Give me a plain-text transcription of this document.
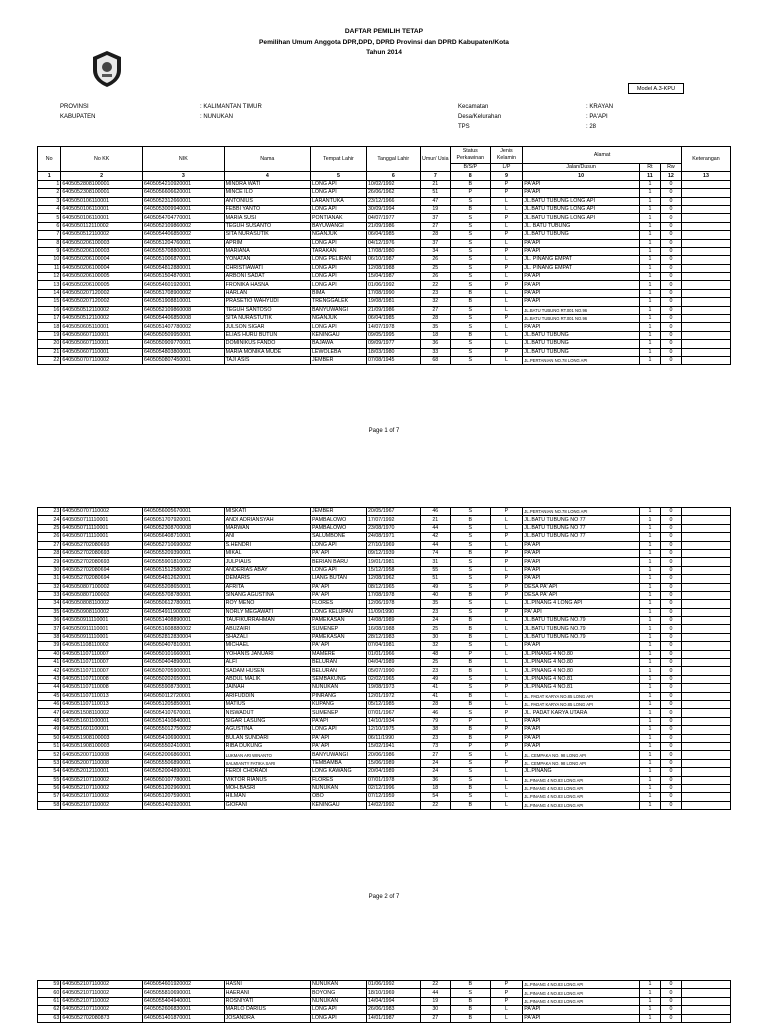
DAFTAR PEMILIH TETAP
Pemilihan Umum Anggota DPR,DPD, DPRD Provinsi dan DPRD Kabupaten/Kota
Tahun 2014
Model A.3-KPU
PROVINSI	: KALIMANTAN TIMUR
KABUPATEN	: NUNUKAN
Kecamatan	: KRAYAN
Desa/Kelurahan	: PA'API
TPS	: 28
No	No KK	NIK	Nama	Tempat Lahir	Tanggal Lahir	Umur/ Usia	Status Perkawinan	Jenis Kelamin	Alamat			Keterangan
							B/S/P	L/P	Jalan/Dusun	Rt	Rw	
1	2	3	4	5	6	7	8	9	10	11	12	13
1	6405052808100001	6405054210920001	MINDRA WATI	LONG API	10/02/1992	21	B	P	PA'API	1	0	
2	6405052308100001	6405056606620001	MINCE ILO	LONG API	26/06/1962	51	P	P	PA'API	1	0	
3	6405050106110001	6405052312660001	ANTONIUS	LARANTUKA	23/12/1966	47	S	L	JL.BATU TUBUNG LONG API	1	0	
4	6405050106110001	6405053009940001	FEBBI YANTO	LONG API	30/09/1994	19	B	L	JL.BATU TUBUNG LONG API	1	0	
5	6405050106110001	6405054704770001	MARIA SUSI	PONTIANAK	04/07/1977	37	S	P	JL.BATU TUBUNG LONG API	1	0	
6	6405050112110002	6405052109860002	TEGUH SUSANTO	BAYUWANGI	21/09/1986	27	S	L	JL. BATU TUBUNG	1	0	
7	6405050512110002	6405054406850002	SITA NURASUTIK	NGANJUK	06/04/1985	28	S	P	JL.BATU TUBUNG	1	0	
8	6405050206100003	6405051204760001	APRIM	LONG API	04/12/1976	37	S	L	PA'API	1	0	
9	6405050206100003	6405055708800001	MARIANA	TARAKAN	17/08/1980	34	S	P	PA'API	1	0	
10	6405050206100004	6405051006870001	YONATAN	LONG PELIRAN	06/10/1987	26	S	L	JL. PINANG EMPAT	1	0	
11	6405050206100004	6405054812880001	CHRISTIAWATI	LONG API	12/08/1988	25	S	P	JL. PINANG EMPAT	1	0	
12	6405050206100005	6405051504870001	ARBONI SADAT	LONG API	15/04/1987	26	S	L	PA'API	1	0	
13	6405050206100005	6405054601920001	FRONIKA HASNA	LONG API	01/06/1992	22	S	P	PA'API	1	0	
14	6405050207120002	6405051708900002	HARLAN	BIMA	17/08/1990	23	B	L	PA'API	1	0	
15	6405050207120002	6405051908810001	PRASETIO WAHYUDI	TRENGGALEK	19/08/1981	32	B	L	PA'API	1	0	
16	6405050512110002	6405052109860008	TEGUH SANTOSO	BANYUWANGI	21/09/1986	27	S	L	JL.BATU TUBUNG RT.001 NO.96	1	0	
17	6405050512110002	6405054406850008	SITA NURASTUTIK	NGANJUK	06/04/1985	28	S	P	JL.BATU TUBUNG RT.001 NO.96	1	0	
18	6405050605110001	6405051407780002	JULSON SIGAR	LONG API	14/07/1978	35	S	L	PA'API	1	0	
19	6405050607110001	6405050509950001	ELIAS HURU BUTUN	KENINGAU	09/05/1995	18	B	L	JL.BATU TUBUNG	1	0	
20	6405050607110001	6405050909770001	DOMINIKUS FANDO	BAJAWA	09/09/1977	36	S	L	JL.BATU TUBUNG	1	0	
21	6405050607110001	6405054803800001	MARIA MONIKA MUDE	LEWOLEBA	18/03/1980	33	S	P	JL.BATU TUBUNG	1	0	
22	6405050707110002	6405050807450001	TAJI ASIS	JEMBER	07/08/1945	68	S	L	JL.PERTANIAN NO.78 LONG API	1	0	
Page 1 of 7
23	6405050707110002	6405056005670001	MISKATI	JEMBER	20/05/1967	46	S	P	JL.PERTANIAN NO.78 LONG API	1	0	
24	6405050711110001	6405051707920001	ANDI ADRIANSYAH	PAMBALOWO	17/07/1992	21	B	L	JL.BATU TUBUNG NO 77	1	0	
25	6405050711110001	6405052308700008	MARWAN	PAMBALOWO	23/08/1970	44	S	L	JL.BATU TUBUNG NO 77	1	0	
26	6405050711110001	6405056408710001	ANI	SALUMBONE	24/08/1971	42	S	P	JL.BATU TUBUNG NO 77	1	0	
27	6405052702080693	6405052710690002	S.HENDRI	LONG API	27/10/1969	44	S	L	PA'API	1	0	
28	6405052702080693	6405055209390001	MIKAL	PA' API	09/12/1939	74	B	P	PA'API	1	0	
29	6405052702080693	6405055901810002	JULPIAUS	BERIAN BARU	19/01/1981	31	S	P	PA'API	1	0	
30	6405052702080694	6405051512580002	ANDERIAS ABAY	LONG API	15/12/1958	55	S	L	PA'API	1	0	
31	6405052702080694	6405054812620001	DEMARIS	LIANG BUTAN	12/08/1962	51	S	P	PA'API	1	0	
32	6405050807100002	6405055208650001	AFRITA	PA' API	08/12/1965	49	S	P	DESA PA' API	1	0	
33	6405050807100002	6405055708780001	SINANG AGUSTINA	PA' API	17/08/1978	40	B	P	DESA PA' API	1	0	
34	6405050808110002	6405050612780001	ROY MENO	FLORES	12/06/1978	35	S	L	JL.PINANG 4 LONG API	1	0	
35	6405050908110002	6405054911900002	NORLY MEGAWATI	LONG KELUPAN	11/09/1990	23	S	P	PA' API	1	0	
36	6405050911110001	6405051408890001	TAUFIKURRAHMAN	PAMEKASAN	14/08/1989	24	B	L	JL.BATU TUBUNG NO.79	1	0	
37	6405050911110001	6405051608880002	ABUZAIRI	SUMENEP	16/08/1988	25	B	L	JL.BATU TUBUNG NO.79	1	0	
38	6405050911110001	6405052812830004	SHAZALI	PAMEKASAN	28/12/1983	30	B	L	JL.BATU TUBUNG NO.79	1	0	
39	6405051108110002	6405050407810001	MICHAEL	PA' API	07/04/1981	32	S	L	PA'API	1	0	
40	6405051107110007	6405050101660001	YOHANIS JANUARI	MAMERE	01/01/1966	48	P	L	JL.PINANG 4 NO.80	1	0	
41	6405051107110007	6405050404890001	ALFI	BELURAN	04/04/1989	25	B	L	JL.PINANG 4 NO.80	1	0	
42	6405051107110007	6405050705900001	SADAM HUSEN	BELURAN	05/07/1990	23	B	L	JL.PINANG 4 NO.80	1	0	
43	6405051107110008	6405050202650001	ABDUL MALIK	SEMBAKUNG	02/02/1965	49	S	L	JL.PINANG 4 NO.81	1	0	
44	6405051107110008	6405055908730001	JAINAH	NUNUKAN	19/08/1973	41	S	P	JL.PINANG 4 NO.81	1	0	
45	6405051107110013	6405050112720001	ARIFUDDIN	PINRANG	12/01/1972	41	B	L	JL. PADAT KARYA NO.85 LONG API	1	0	
46	6405051107110013	6405051205850001	MATIUS	KUPANG	05/12/1985	28	B	L	JL. PADAT KARYA NO.85 LONG API	1	0	
47	6405051508110002	6405054107670001	NISWADUT	SUMENEP	07/01/1967	46	S	P	JL. PADAT KARYA UTARA	1	0	
48	6405051601100001	6405051410840001	SIGAR LASUNG	PA'API	14/10/1934	79	P	L	PA'API	1	0	
49	6405051601100001	6405055012750002	AGUSTINA	LONG API	12/10/1975	38	B	P	PA'API	1	0	
50	6405051908100003	6405054106900001	BULAN SUNDARI	PA' API	06/11/1990	23	B	P	PA'API	1	0	
51	6405051908100003	6405055502410001	RIBA DUKUNG	PA' API	15/02/1941	73	P	P	PA'API	1	0	
52	6405052007110008	6405052006860001	LUKMAN ARI WINANTO	BANYUWANGI	20/06/1986	27	S	L	JL. CEMPAKA NO. 98 LONG API	1	0	
53	6405052007110008	6405055506890001	SALMIANTY FATIKA SARI	TEMBAMBA	15/06/1989	24	S	P	JL. CEMPAKA NO. 98 LONG API	1	0	
54	6405052012110001	6405052004890001	FERDI CHORADI	LONG KAWANG	20/04/1989	24	S	L	JL.PINANG	1	0	
55	6405052107110002	6405050107780001	VIKTOR RIANUS	FLORES	07/01/1978	36	S	L	JL.PINANG 4 NO.83 LONG API	1	0	
56	6405052107110002	6405051202960001	MOH.BASRI	NUNUKAN	02/12/1996	18	B	L	JL.PINANG 4 NO.83 LONG API	1	0	
57	6405052107110002	6405051207590001	HILMAN	OBO	07/12/1959	54	S	L	JL.PINANG 4 NO.83 LONG API	1	0	
58	6405052107110002	6405051402920001	GIOFANI	KENINGAU	14/02/1992	22	B	L	JL.PINANG 4 NO.83 LONG API	1	0	
Page 2 of 7
59	6405052107110002	6405054601920002	HASNI	NUNUKAN	01/06/1992	22	B	P	JL.PINANG 4 NO.83 LONG API	1	0	
60	6405052107110002	6405055810690001	HAERANI	BOYONG	18/10/1969	44	S	P	JL.PINANG 4 NO.83 LONG API	1	0	
61	6405052107110002	6405055404940001	ROSNIYATI	NUNUKAN	14/04/1994	19	B	P	JL.PINANG 4 NO.83 LONG API	1	0	
62	6405052107110002	6405052606830001	MARLO DARIUS	LONG API	26/06/1983	30	B	L	PA'API	1	0	
63	6405052702080873	6405051401870001	JOSANDRA	LONG API	14/01/1987	27	B	L	PA'API	1	0	
